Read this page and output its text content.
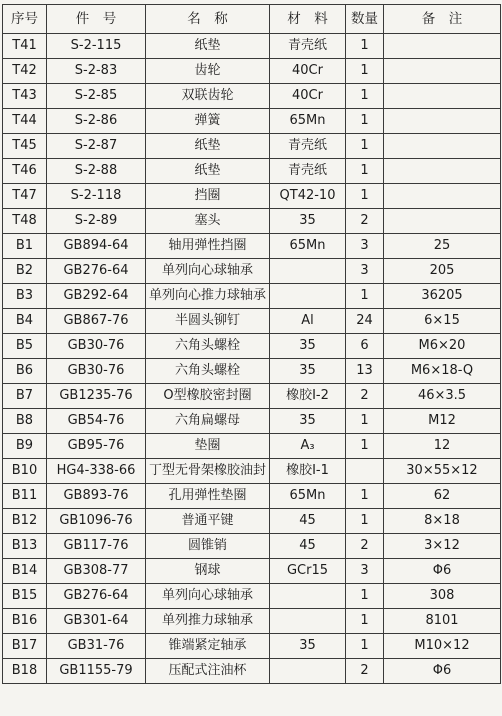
序号	件　号	名　称	材　料	数量	备　注
T41	S-2-115	纸垫	青壳纸	1	
T42	S-2-83	齿轮	40Cr	1	
T43	S-2-85	双联齿轮	40Cr	1	
T44	S-2-86	弹簧	65Mn	1	
T45	S-2-87	纸垫	青壳纸	1	
T46	S-2-88	纸垫	青壳纸	1	
T47	S-2-118	挡圈	QT42-10	1	
T48	S-2-89	塞头	35	2	
B1	GB894-64	轴用弹性挡圈	65Mn	3	25
B2	GB276-64	单列向心球轴承		3	205
B3	GB292-64	单列向心推力球轴承		1	36205
B4	GB867-76	半圆头铆钉	Al	24	6×15
B5	GB30-76	六角头螺栓	35	6	M6×20
B6	GB30-76	六角头螺栓	35	13	M6×18-Q
B7	GB1235-76	O型橡胶密封圈	橡胶I-2	2	46×3.5
B8	GB54-76	六角扁螺母	35	1	M12
B9	GB95-76	垫圈	A₃	1	12
B10	HG4-338-66	丁型无骨架橡胶油封	橡胶I-1		30×55×12
B11	GB893-76	孔用弹性垫圈	65Mn	1	62
B12	GB1096-76	普通平键	45	1	8×18
B13	GB117-76	圆锥销	45	2	3×12
B14	GB308-77	钢球	GCr15	3	Φ6
B15	GB276-64	单列向心球轴承		1	308
B16	GB301-64	单列推力球轴承		1	8101
B17	GB31-76	锥端紧定轴承	35	1	M10×12
B18	GB1155-79	压配式注油杯		2	Φ6
